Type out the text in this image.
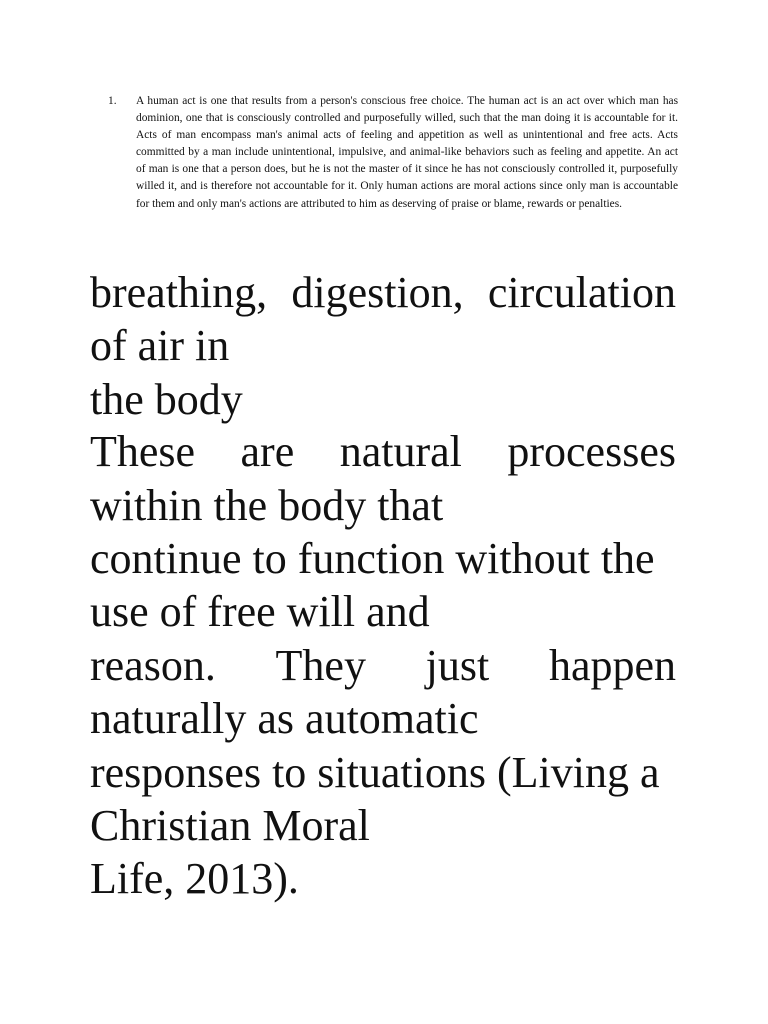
1.	A human act is one that results from a person's conscious free choice. The human act is an act over which man has dominion, one that is consciously controlled and purposefully willed, such that the man doing it is accountable for it. Acts of man encompass man's animal acts of feeling and appetition as well as unintentional and free acts. Acts committed by a man include unintentional, impulsive, and animal-like behaviors such as feeling and appetite. An act of man is one that a person does, but he is not the master of it since he has not consciously controlled it, purposefully willed it, and is therefore not accountable for it. Only human actions are moral actions since only man is accountable for them and only man's actions are attributed to him as deserving of praise or blame, rewards or penalties.
breathing, digestion, circulation
of air in
the body
These are natural processes
within the body that
continue to function without the
use of free will and
reason. They just happen
naturally as automatic
responses to situations (Living a
Christian Moral
Life, 2013).
